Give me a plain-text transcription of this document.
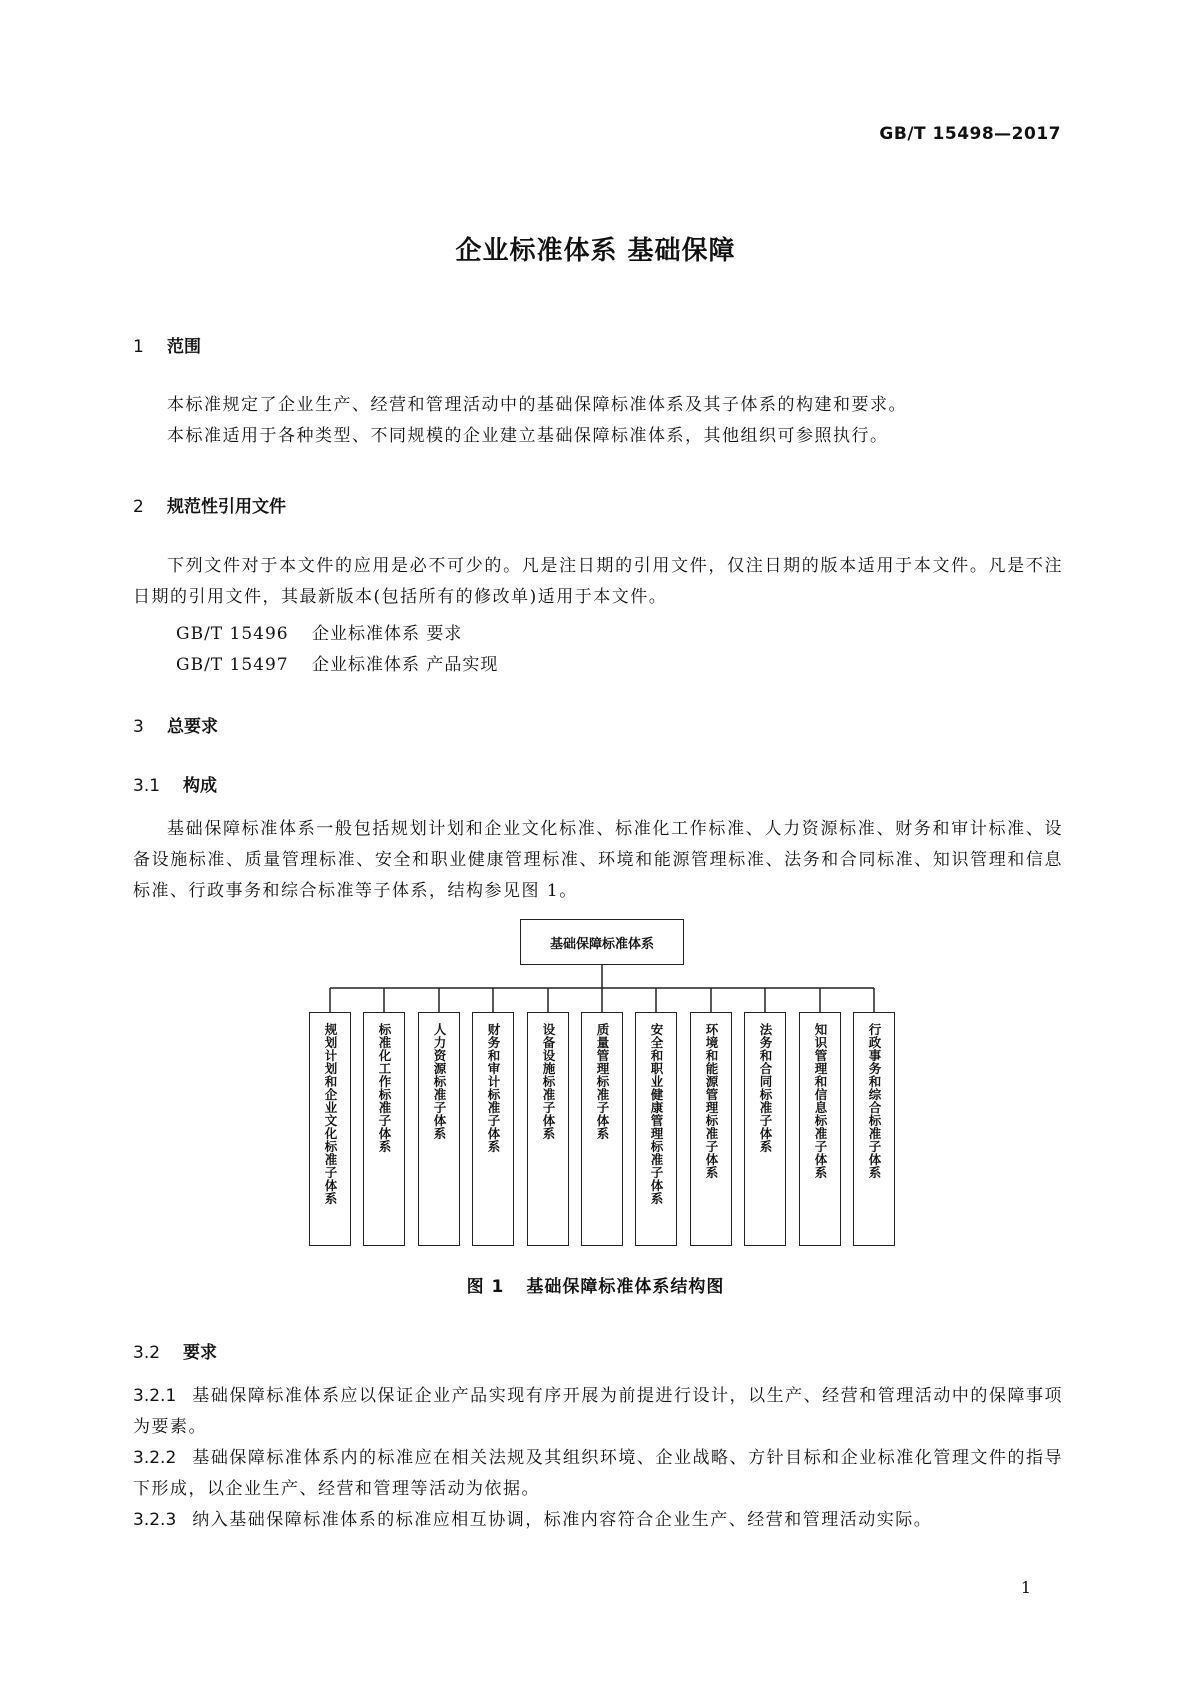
GB/T 15498—2017
企业标准体系 基础保障
1 范围
本标准规定了企业生产、经营和管理活动中的基础保障标准体系及其子体系的构建和要求。
本标准适用于各种类型、不同规模的企业建立基础保障标准体系，其他组织可参照执行。
2 规范性引用文件
下列文件对于本文件的应用是必不可少的。凡是注日期的引用文件，仅注日期的版本适用于本文件。凡是不注日期的引用文件，其最新版本(包括所有的修改单)适用于本文件。
GB/T 15496 企业标准体系 要求
GB/T 15497 企业标准体系 产品实现
3 总要求
3.1 构成
基础保障标准体系一般包括规划计划和企业文化标准、标准化工作标准、人力资源标准、财务和审计标准、设备设施标准、质量管理标准、安全和职业健康管理标准、环境和能源管理标准、法务和合同标准、知识管理和信息标准、行政事务和综合标准等子体系，结构参见图 1。
基础保障标准体系
规划计划和企业文化标准子体系	标准化工作标准子体系	人力资源标准子体系	财务和审计标准子体系	设备设施标准子体系	质量管理标准子体系	安全和职业健康管理标准子体系	环境和能源管理标准子体系	法务和合同标准子体系	知识管理和信息标准子体系	行政事务和综合标准子体系
图 1 基础保障标准体系结构图
3.2 要求
3.2.1 基础保障标准体系应以保证企业产品实现有序开展为前提进行设计，以生产、经营和管理活动中的保障事项为要素。
3.2.2 基础保障标准体系内的标准应在相关法规及其组织环境、企业战略、方针目标和企业标准化管理文件的指导下形成，以企业生产、经营和管理等活动为依据。
3.2.3 纳入基础保障标准体系的标准应相互协调，标准内容符合企业生产、经营和管理活动实际。
1
